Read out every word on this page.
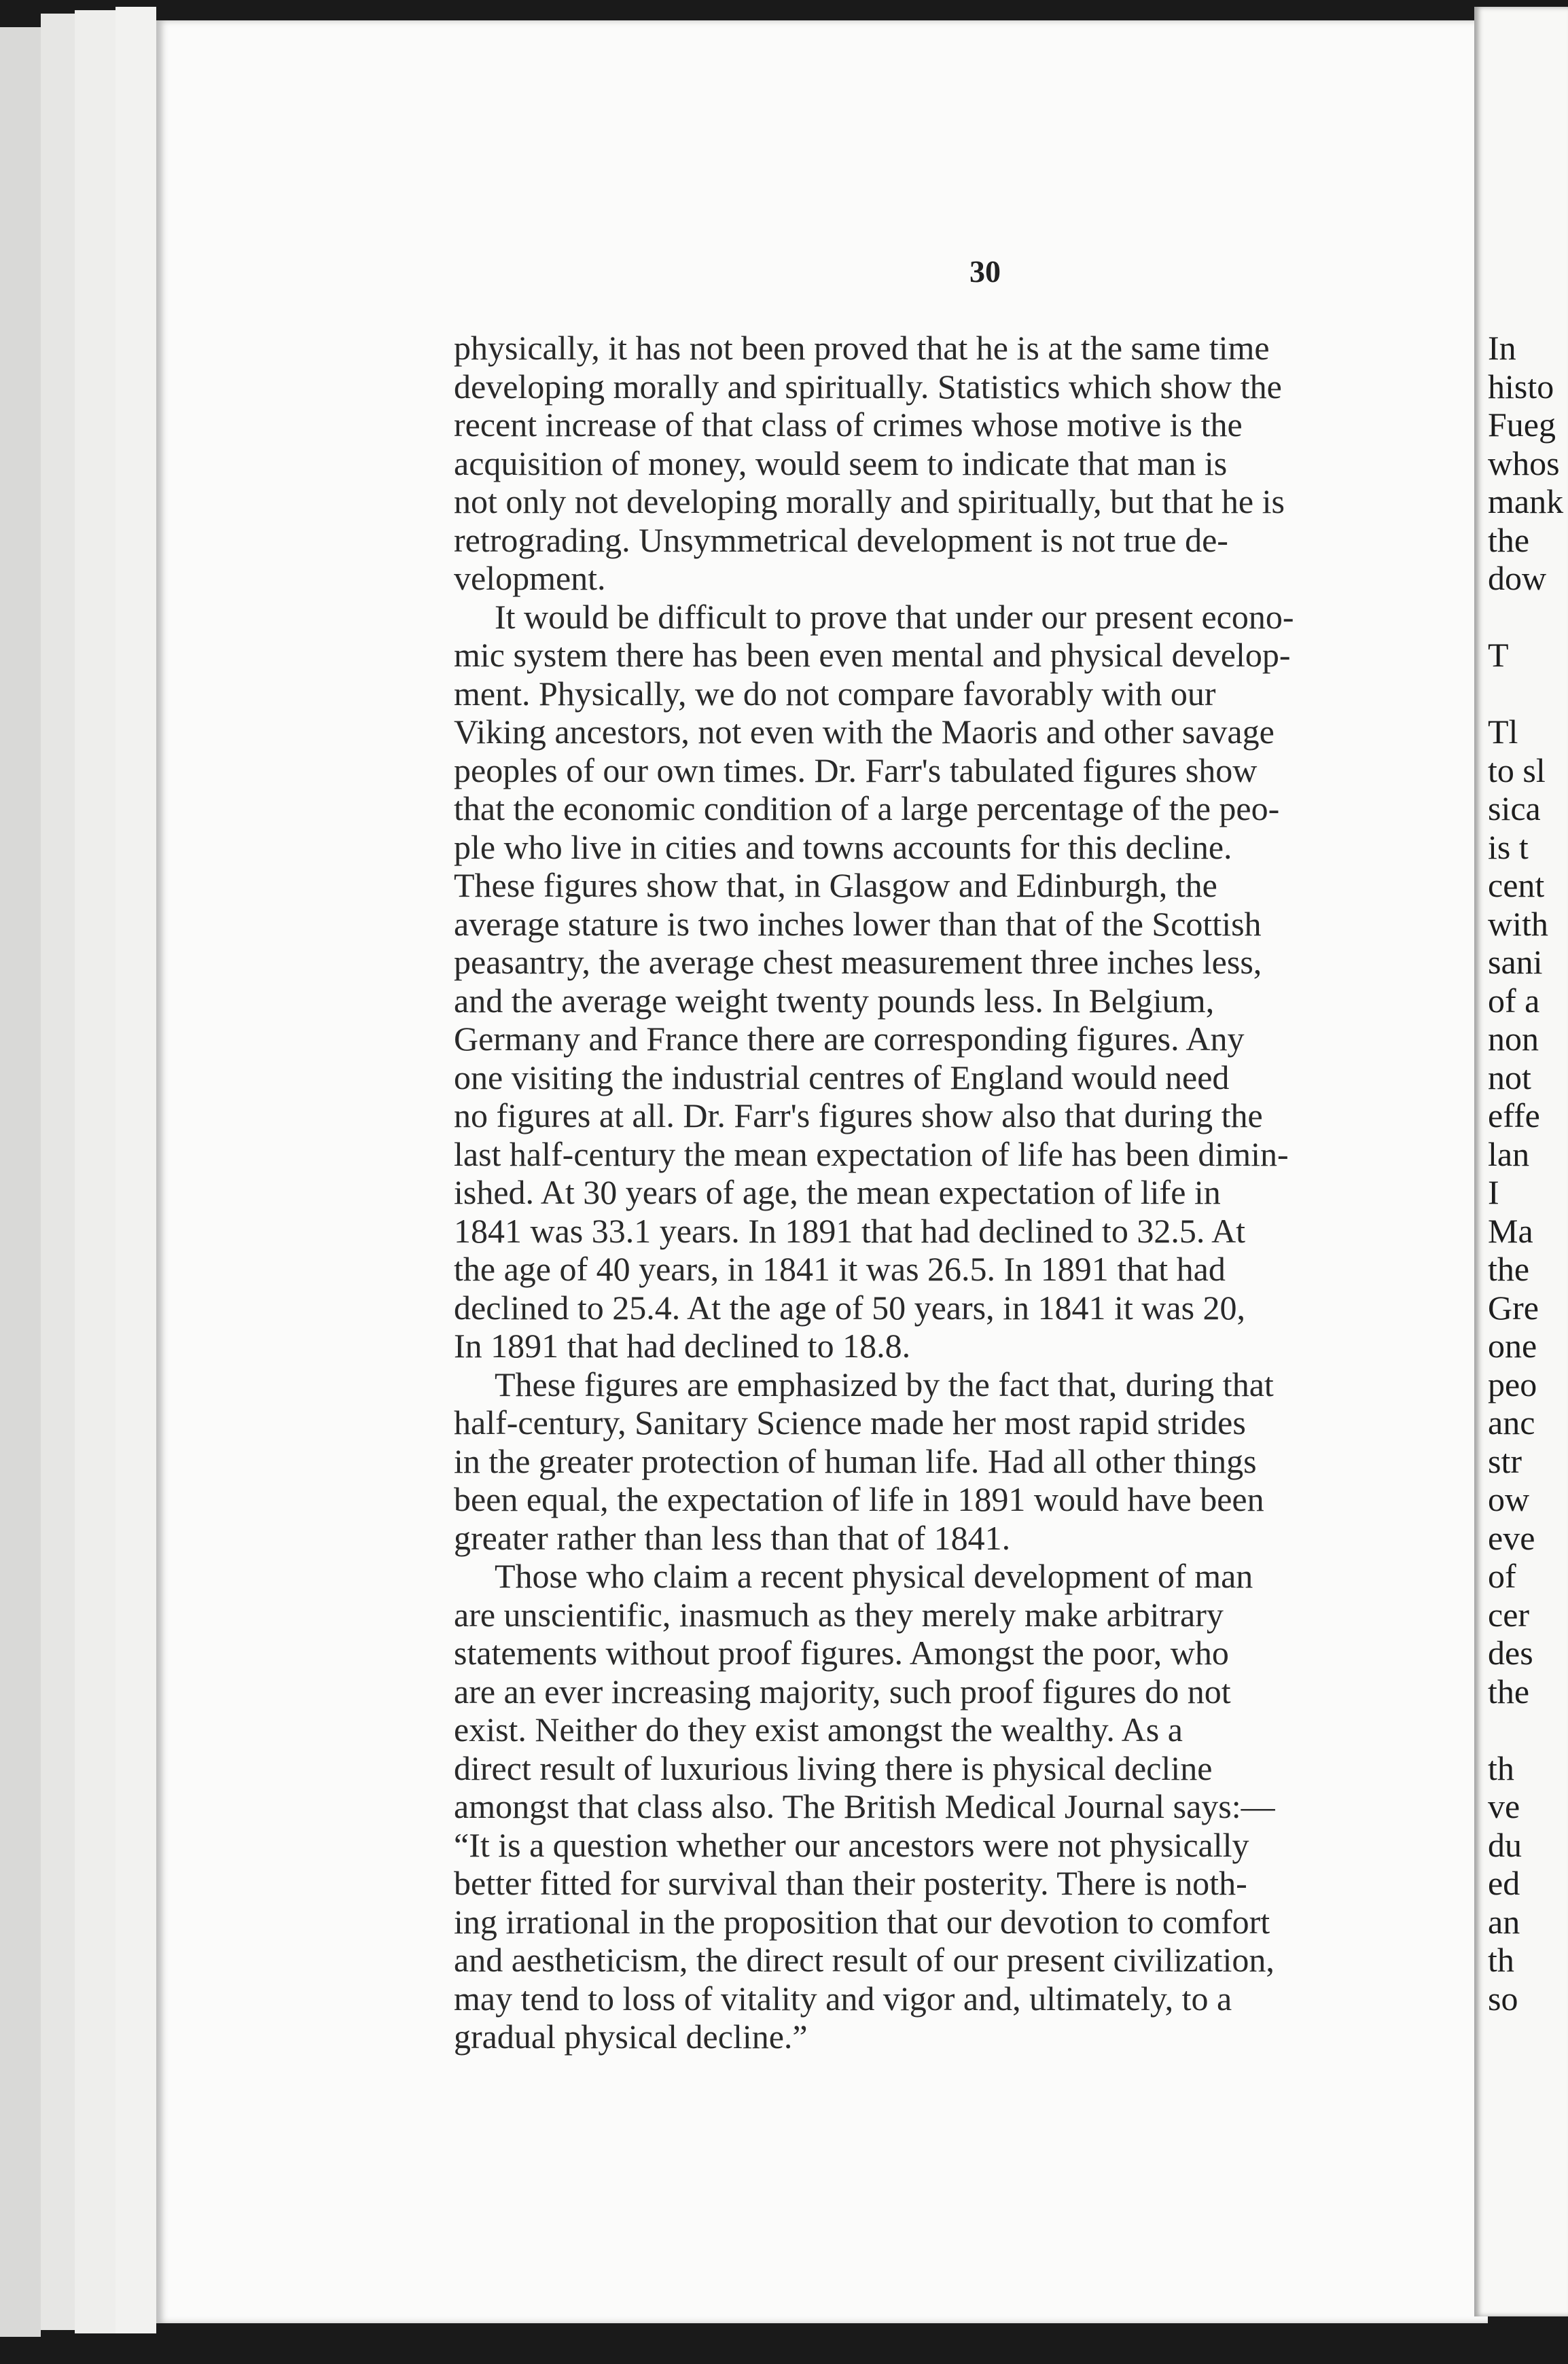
In
histo
Fueg
whos
mank
the
dow
T
Tl
to sl
sica
is t
cent
with
sani
of a
non
not
effe
lan
I
Ma
the
Gre
one
peo
anc
str
ow
eve
of
cer
des
the
th
ve
du
ed
an
th
so
30

physically, it has not been proved that he is at the same time

developing morally and spiritually. Statistics which show the

recent increase of that class of crimes whose motive is the

acquisition of money, would seem to indicate that man is

not only not developing morally and spiritually, but that he is

retrograding. Unsymmetrical development is not true de-

velopment.

It would be difficult to prove that under our present econo-

mic system there has been even mental and physical develop-

ment. Physically, we do not compare favorably with our

Viking ancestors, not even with the Maoris and other savage

peoples of our own times. Dr. Farr's tabulated figures show

that the economic condition of a large percentage of the peo-

ple who live in cities and towns accounts for this decline.

These figures show that, in Glasgow and Edinburgh, the

average stature is two inches lower than that of the Scottish

peasantry, the average chest measurement three inches less,

and the average weight twenty pounds less. In Belgium,

Germany and France there are corresponding figures. Any

one visiting the industrial centres of England would need

no figures at all. Dr. Farr's figures show also that during the

last half-century the mean expectation of life has been dimin-

ished. At 30 years of age, the mean expectation of life in

1841 was 33.1 years. In 1891 that had declined to 32.5. At

the age of 40 years, in 1841 it was 26.5. In 1891 that had

declined to 25.4. At the age of 50 years, in 1841 it was 20,

In 1891 that had declined to 18.8.

These figures are emphasized by the fact that, during that

half-century, Sanitary Science made her most rapid strides

in the greater protection of human life. Had all other things

been equal, the expectation of life in 1891 would have been

greater rather than less than that of 1841.

Those who claim a recent physical development of man

are unscientific, inasmuch as they merely make arbitrary

statements without proof figures. Amongst the poor, who

are an ever increasing majority, such proof figures do not

exist. Neither do they exist amongst the wealthy. As a

direct result of luxurious living there is physical decline

amongst that class also. The British Medical Journal says:—

“It is a question whether our ancestors were not physically

better fitted for survival than their posterity. There is noth-

ing irrational in the proposition that our devotion to comfort

and aestheticism, the direct result of our present civilization,

may tend to loss of vitality and vigor and, ultimately, to a

gradual physical decline.”
